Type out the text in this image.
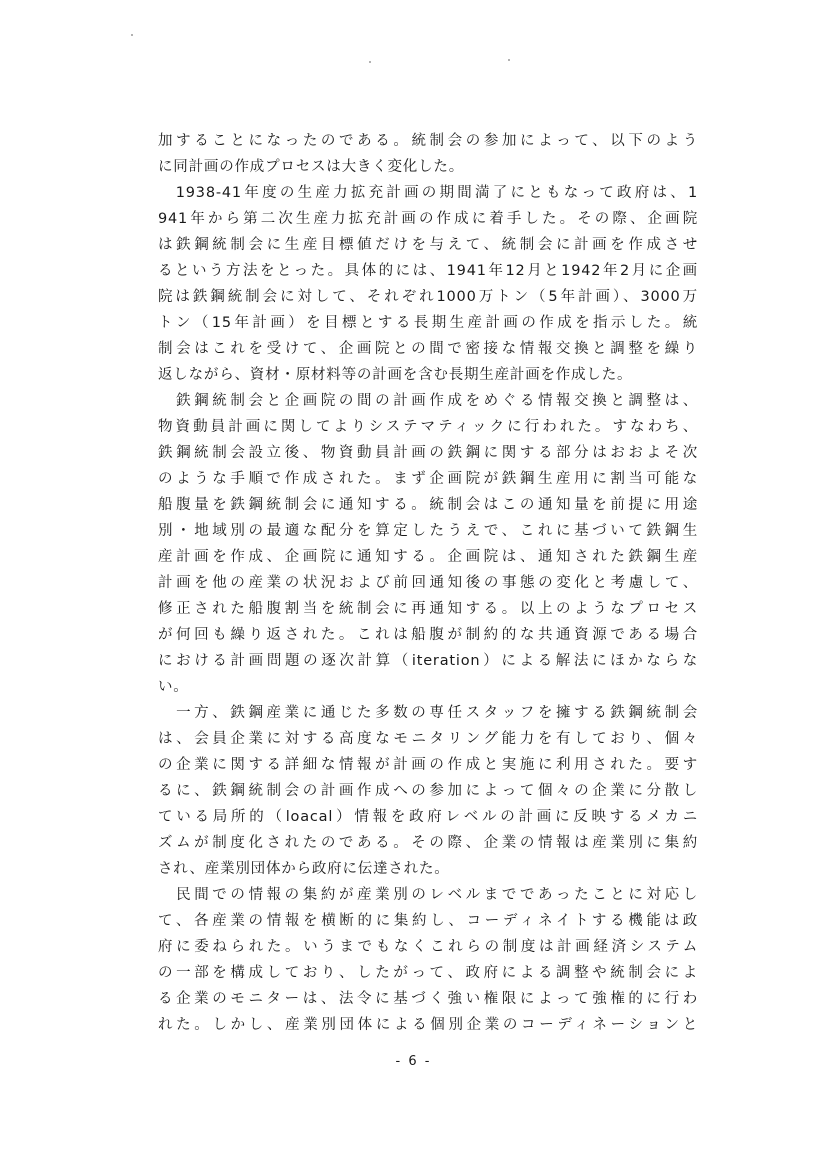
加することになったのである。統制会の参加によって、以下のよう
に同計画の作成プロセスは大きく変化した。
　1938-41年度の生産力拡充計画の期間満了にともなって政府は、1
941年から第二次生産力拡充計画の作成に着手した。その際、企画院
は鉄鋼統制会に生産目標値だけを与えて、統制会に計画を作成させ
るという方法をとった。具体的には、1941年12月と1942年2月に企画
院は鉄鋼統制会に対して、それぞれ1000万トン（5年計画）、3000万
トン（15年計画）を目標とする長期生産計画の作成を指示した。統
制会はこれを受けて、企画院との間で密接な情報交換と調整を繰り
返しながら、資材・原材料等の計画を含む長期生産計画を作成した。
　鉄鋼統制会と企画院の間の計画作成をめぐる情報交換と調整は、
物資動員計画に関してよりシステマティックに行われた。すなわち、
鉄鋼統制会設立後、物資動員計画の鉄鋼に関する部分はおおよそ次
のような手順で作成された。まず企画院が鉄鋼生産用に割当可能な
船腹量を鉄鋼統制会に通知する。統制会はこの通知量を前提に用途
別・地域別の最適な配分を算定したうえで、これに基づいて鉄鋼生
産計画を作成、企画院に通知する。企画院は、通知された鉄鋼生産
計画を他の産業の状況および前回通知後の事態の変化と考慮して、
修正された船腹割当を統制会に再通知する。以上のようなプロセス
が何回も繰り返された。これは船腹が制約的な共通資源である場合
における計画問題の逐次計算（iteration）による解法にほかならな
い。
　一方、鉄鋼産業に通じた多数の専任スタッフを擁する鉄鋼統制会
は、会員企業に対する高度なモニタリング能力を有しており、個々
の企業に関する詳細な情報が計画の作成と実施に利用された。要す
るに、鉄鋼統制会の計画作成への参加によって個々の企業に分散し
ている局所的（loacal）情報を政府レベルの計画に反映するメカニ
ズムが制度化されたのである。その際、企業の情報は産業別に集約
され、産業別団体から政府に伝達された。
　民間での情報の集約が産業別のレベルまでであったことに対応し
て、各産業の情報を横断的に集約し、コーディネイトする機能は政
府に委ねられた。いうまでもなくこれらの制度は計画経済システム
の一部を構成しており、したがって、政府による調整や統制会によ
る企業のモニターは、法令に基づく強い権限によって強権的に行わ
れた。しかし、産業別団体による個別企業のコーディネーションと
- 6 -
